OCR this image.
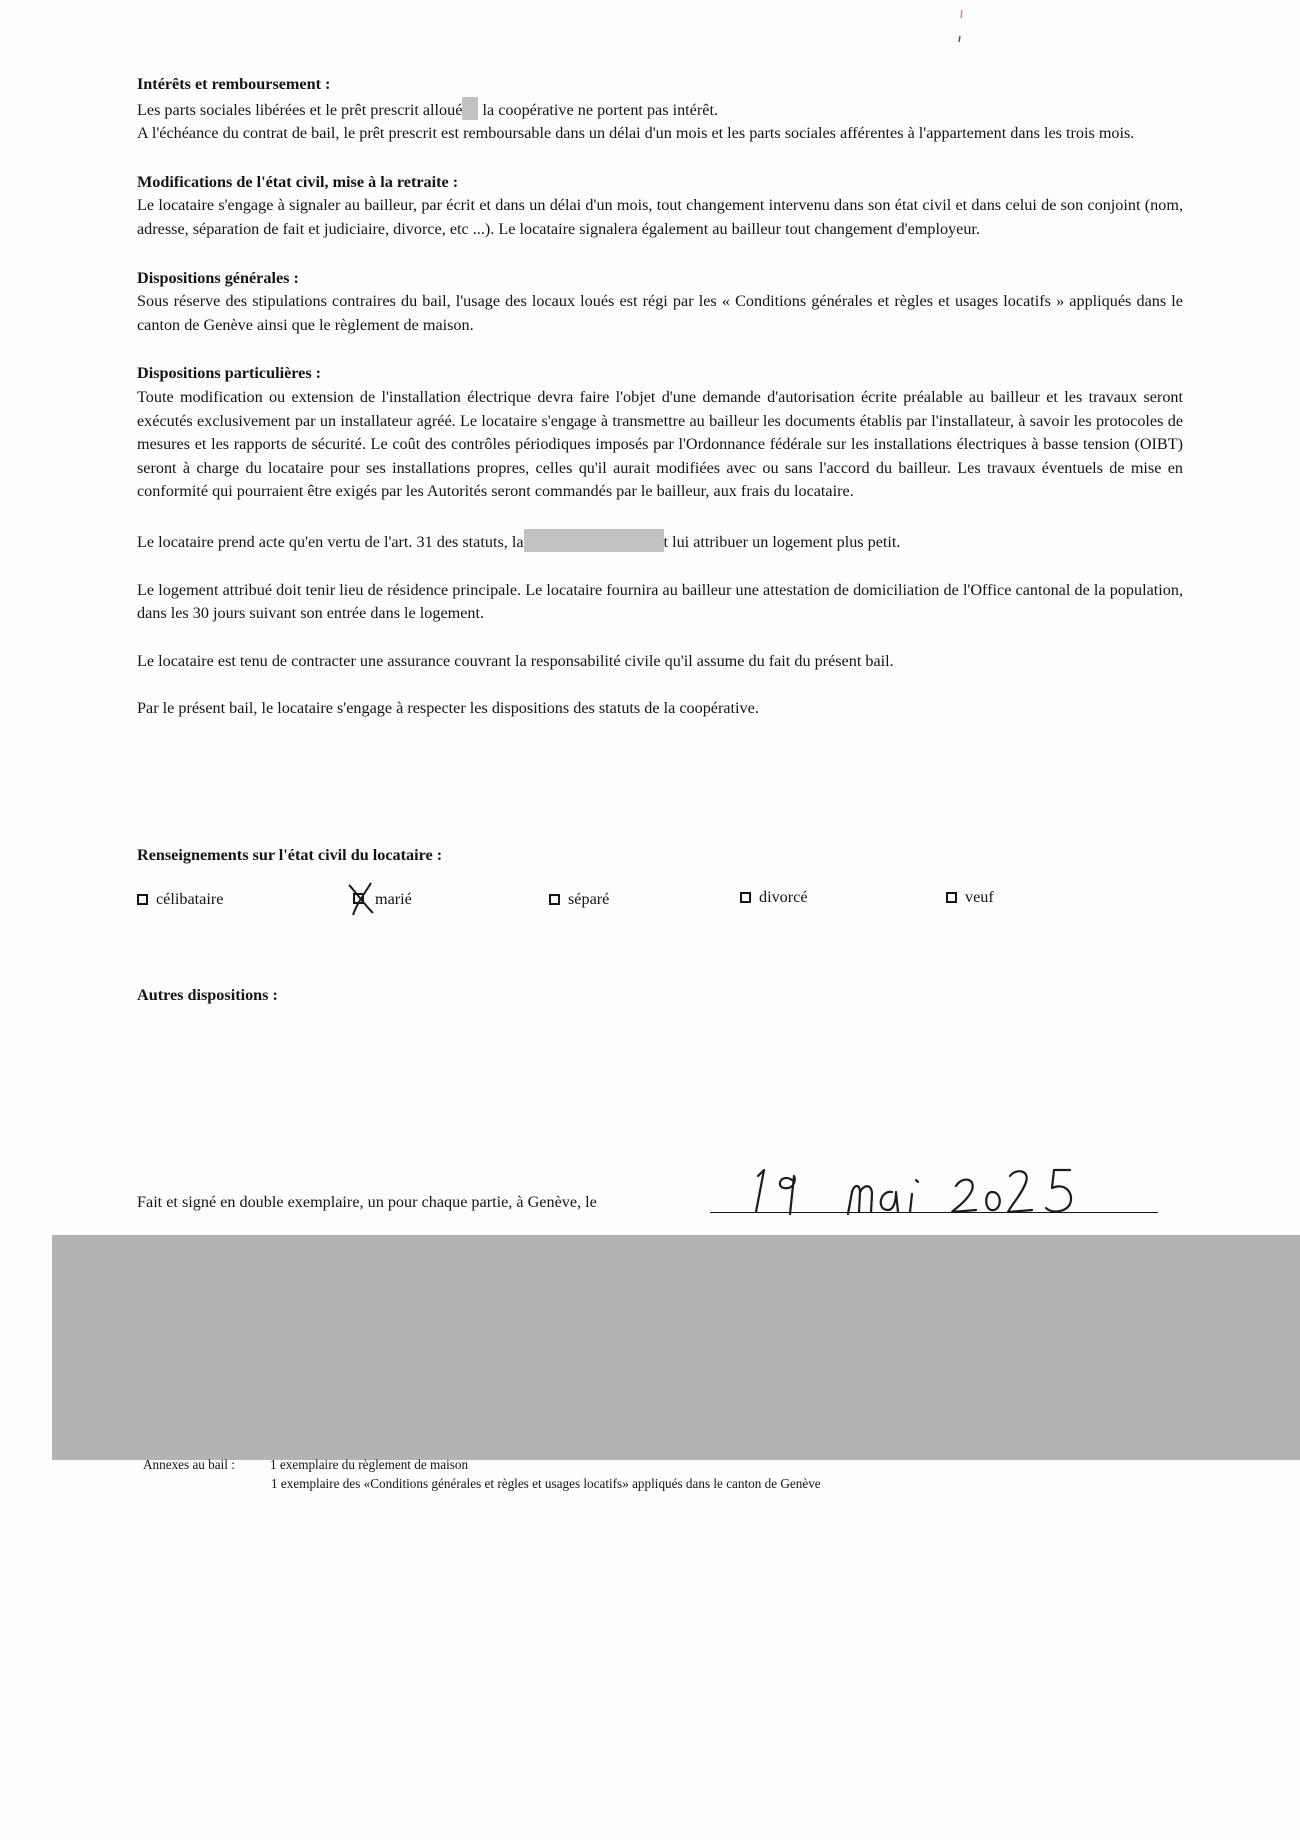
Intérêts et remboursement :

Les parts sociales libérées et le prêt prescrit alloué la coopérative ne portent pas intérêt.

A l'échéance du contrat de bail, le prêt prescrit est remboursable dans un délai d'un mois et les parts sociales afférentes à l'appartement dans les trois mois.

Modifications de l'état civil, mise à la retraite :

Le locataire s'engage à signaler au bailleur, par écrit et dans un délai d'un mois, tout changement intervenu dans son état civil et dans celui de son conjoint (nom, adresse, séparation de fait et judiciaire, divorce, etc ...). Le locataire signalera également au bailleur tout changement d'employeur.

Dispositions générales :

Sous réserve des stipulations contraires du bail, l'usage des locaux loués est régi par les « Conditions générales et règles et usages locatifs » appliqués dans le canton de Genève ainsi que le règlement de maison.

Dispositions particulières :

Toute modification ou extension de l'installation électrique devra faire l'objet d'une demande d'autorisation écrite préalable au bailleur et les travaux seront exécutés exclusivement par un installateur agréé. Le locataire s'engage à transmettre au bailleur les documents établis par l'installateur, à savoir les protocoles de mesures et les rapports de sécurité. Le coût des contrôles périodiques imposés par l'Ordonnance fédérale sur les installations électriques à basse tension (OIBT) seront à charge du locataire pour ses installations propres, celles qu'il aurait modifiées avec ou sans l'accord du bailleur. Les travaux éventuels de mise en conformité qui pourraient être exigés par les Autorités seront commandés par le bailleur, aux frais du locataire.

Le locataire prend acte qu'en vertu de l'art. 31 des statuts, la	t lui attribuer un logement plus petit.

Le logement attribué doit tenir lieu de résidence principale. Le locataire fournira au bailleur une attestation de domiciliation de l'Office cantonal de la population, dans les 30 jours suivant son entrée dans le logement.

Le locataire est tenu de contracter une assurance couvrant la responsabilité civile qu'il assume du fait du présent bail.

Par le présent bail, le locataire s'engage à respecter les dispositions des statuts de la coopérative.

Renseignements sur l'état civil du locataire :
célibataire	marié	séparé	divorcé	veuf
Autres dispositions :
Fait et signé en double exemplaire, un pour chaque partie, à Genève, le
Annexes au bail :	1 exemplaire du règlement de maison
1 exemplaire des «Conditions générales et règles et usages locatifs» appliqués dans le canton de Genève
